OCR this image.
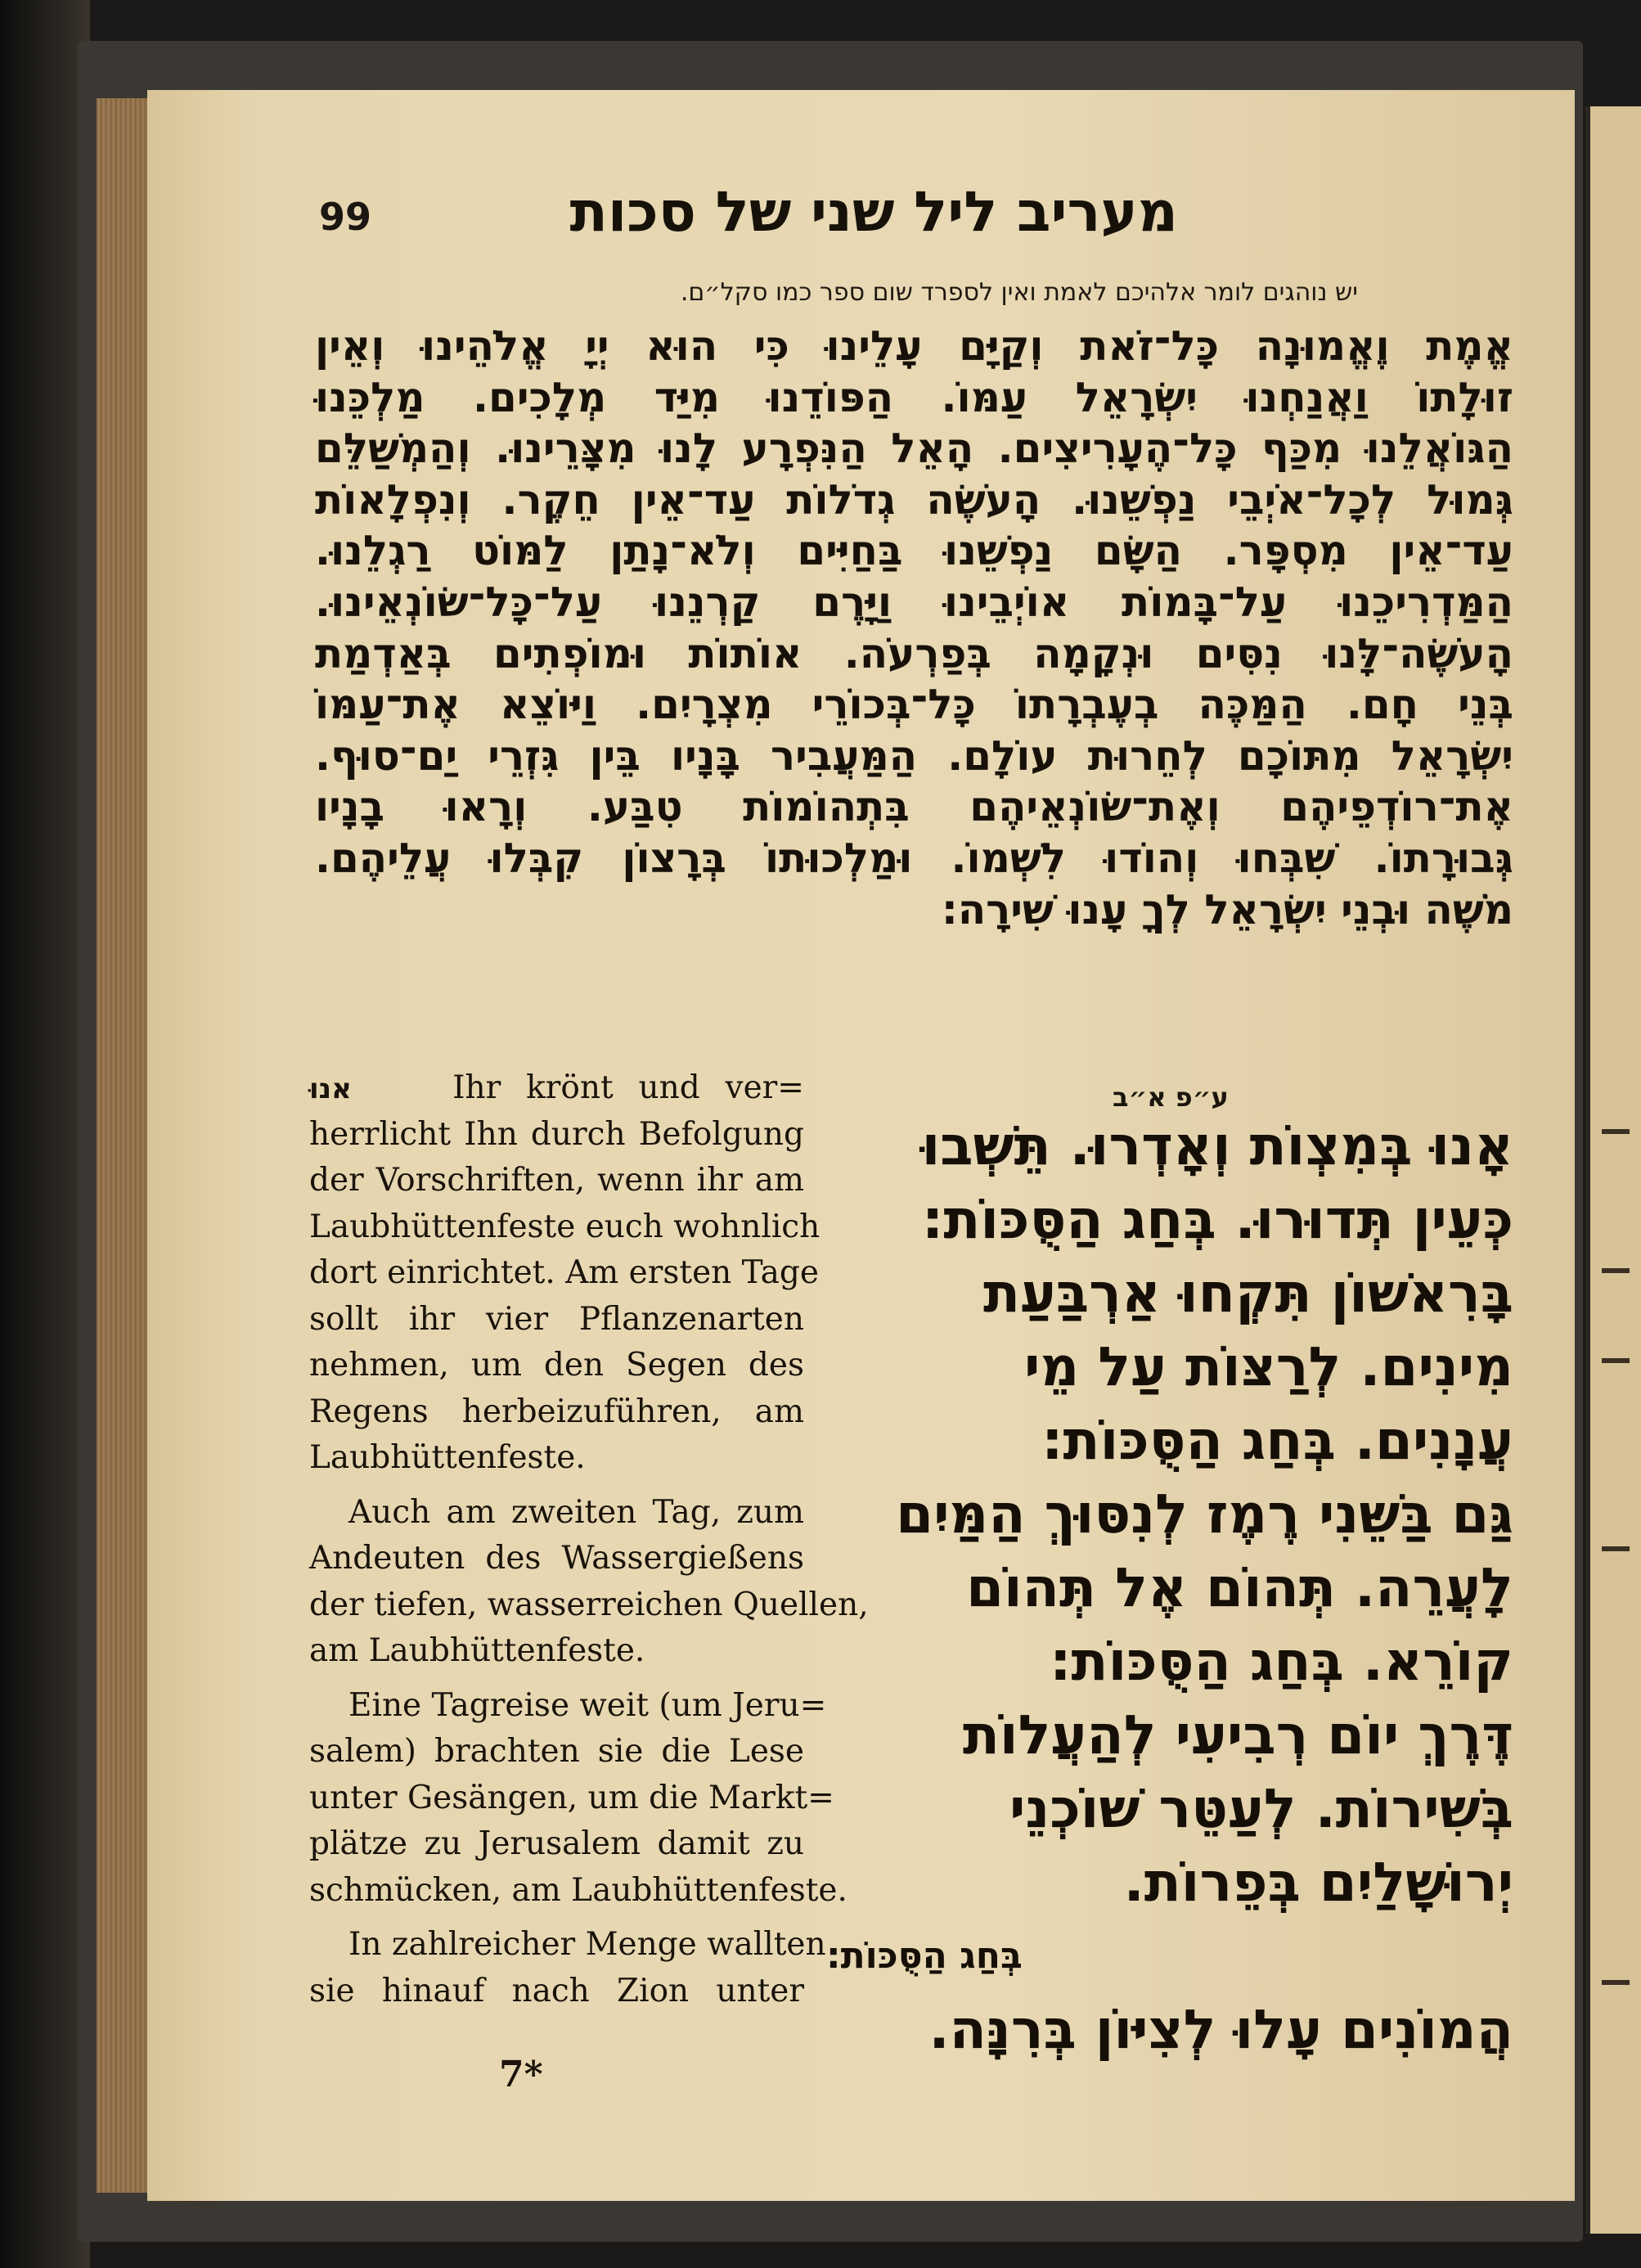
99	מעריב ליל שני של סכות
יש נוהגים לומר אלהיכם לאמת ואין לספרד שום ספר כמו סקל״ם.
אֱמֶת וֶאֱמוּנָה כָּל־זֹאת וְקַיָּם עָלֵינוּ כִּי הוּא יְיָ אֱלֹהֵינוּ וְאֵין
זוּלָתוֹ וַאֲנַחְנוּ יִשְׂרָאֵל עַמּוֹ. הַפּוֹדֵנוּ מִיַּד מְלָכִים. מַלְכֵּנוּ
הַגּוֹאֲלֵנוּ מִכַּף כָּל־הֶעָרִיצִים. הָאֵל הַנִּפְרָע לָנוּ מִצָּרֵינוּ. וְהַמְשַׁלֵּם
גְּמוּל לְכָל־אֹיְבֵי נַפְשֵׁנוּ. הָעֹשֶׂה גְדֹלוֹת עַד־אֵין חֵקֶר. וְנִפְלָאוֹת
עַד־אֵין מִסְפָּר. הַשָּׂם נַפְשֵׁנוּ בַּחַיִּים וְלֹא־נָתַן לַמּוֹט רַגְלֵנוּ.
הַמַּדְרִיכֵנוּ עַל־בָּמוֹת אוֹיְבֵינוּ וַיָּרֶם קַרְנֵנוּ עַל־כָּל־שׂוֹנְאֵינוּ.
הָעֹשֶׂה־לָּנוּ נִסִּים וּנְקָמָה בְּפַרְעֹה. אוֹתוֹת וּמוֹפְתִים בְּאַדְמַת
בְּנֵי חָם. הַמַּכֶּה בְעֶבְרָתוֹ כָּל־בְּכוֹרֵי מִצְרָיִם. וַיּוֹצֵא אֶת־עַמּוֹ
יִשְׂרָאֵל מִתּוֹכָם לְחֵרוּת עוֹלָם. הַמַּעֲבִיר בָּנָיו בֵּין גִּזְרֵי יַם־סוּף.
אֶת־רוֹדְפֵיהֶם וְאֶת־שׂוֹנְאֵיהֶם בִּתְהוֹמוֹת טִבַּע. וְרָאוּ בָנָיו
גְּבוּרָתוֹ. שִׁבְּחוּ וְהוֹדוּ לִשְׁמוֹ. וּמַלְכוּתוֹ בְּרָצוֹן קִבְּלוּ עֲלֵיהֶם.
מֹשֶׁה וּבְנֵי יִשְׂרָאֵל לְךָ עָנוּ שִׁירָה:
ע״פ א״ב
אָנוּ בְּמִצְוֹת וְאָדְרוּ. תֵּשְׁבוּ
כְּעֵין תְּדוּרוּ. בְּחַג הַסֻּכּוֹת:
בָּרִאשׁוֹן תִּקְחוּ אַרְבַּעַת
מִינִים. לְרַצּוֹת עַל מֵי
עֲנָנִים. בְּחַג הַסֻּכּוֹת:
גַּם בַּשֵּׁנִי רֶמֶז לְנִסּוּךְ הַמַּיִם
לָעֲרֵה. תְּהוֹם אֶל תְּהוֹם
קוֹרֵא. בְּחַג הַסֻּכּוֹת:
דֶּרֶךְ יוֹם רְבִיעִי לְהַעֲלוֹת
בְּשִׁירוֹת. לְעַטֵּר שׁוֹכְנֵי
יְרוּשָׁלַיִם בְּפֵרוֹת.
בְּחַג הַסֻּכּוֹת:
הֲמוֹנִים עָלוּ לְצִיּוֹן בְּרִנָּה.
אנוּ	Ihr krönt und ver=
herrlicht Ihn durch Befolgung
der Vorschriften, wenn ihr am
Laubhüttenfeste euch wohnlich
dort einrichtet. Am ersten Tage
sollt ihr vier Pflanzenarten
nehmen, um den Segen des
Regens herbeizuführen, am
Laubhüttenfeste.
Auch am zweiten Tag, zum
Andeuten des Wassergießens
der tiefen, wasserreichen Quellen,
am Laubhüttenfeste.
Eine Tagreise weit (um Jeru=
salem) brachten sie die Lese
unter Gesängen, um die Markt=
plätze zu Jerusalem damit zu
schmücken, am Laubhüttenfeste.
In zahlreicher Menge wallten
sie hinauf nach Zion unter
7*
